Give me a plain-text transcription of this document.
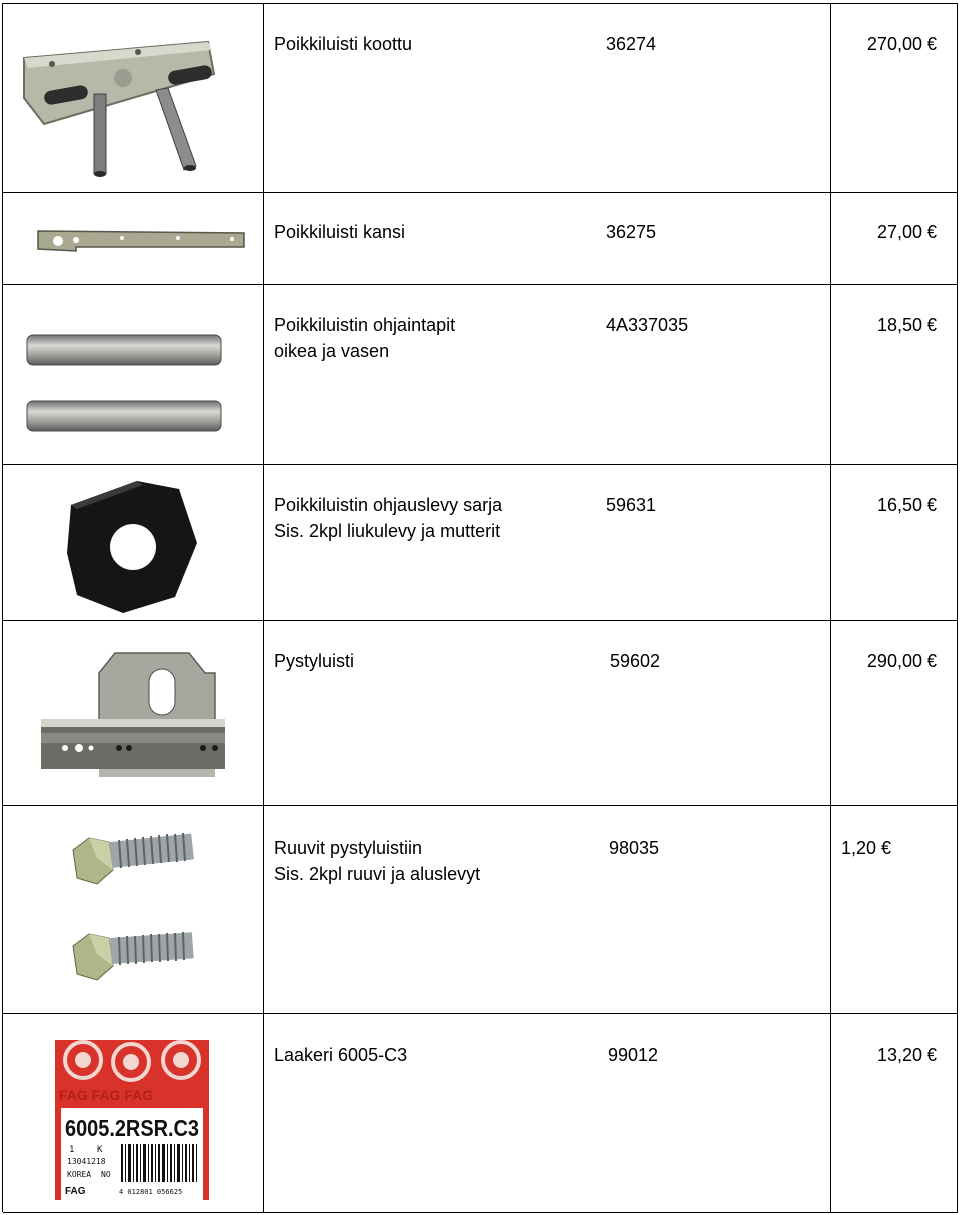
Poikkiluisti koottu	36274	270,00 €
Poikkiluisti kansi	36275	27,00 €
Poikkiluistin ohjaintapit
oikea ja vasen
4A337035	18,50 €
Poikkiluistin ohjauslevy sarja
Sis. 2kpl liukulevy ja mutterit
59631	16,50 €
Pystyluisti	59602	290,00 €
Ruuvit pystyluistiin
Sis. 2kpl ruuvi ja aluslevyt
98035	1,20 €
FAG FAG FAG
6005.2RSR.C3
1	K
13041218
KOREA NO
FAG	4 012801 056625
Laakeri 6005-C3	99012	13,20 €
